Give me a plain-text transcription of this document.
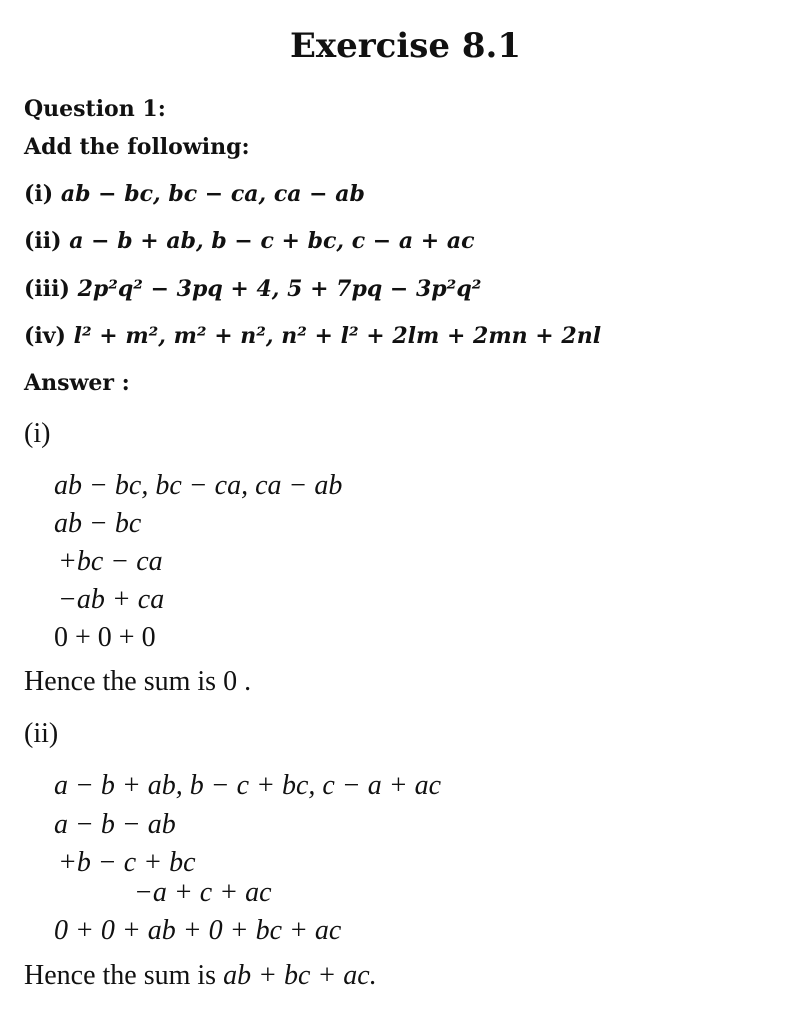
Exercise 8.1
Question 1:
Add the following:
(i) ab − bc, bc − ca, ca − ab
(ii) a − b + ab, b − c + bc, c − a + ac
(iii) 2p²q² − 3pq + 4, 5 + 7pq − 3p²q²
(iv) l² + m², m² + n², n² + l² + 2lm + 2mn + 2nl
Answer :
(i)
ab − bc, bc − ca, ca − ab
ab − bc
+bc − ca
−ab + ca
0 + 0 + 0
Hence the sum is 0 .
(ii)
a − b + ab, b − c + bc, c − a + ac
a − b − ab
+b − c + bc
−a + c + ac
0 + 0 + ab + 0 + bc + ac
Hence the sum is ab + bc + ac.
